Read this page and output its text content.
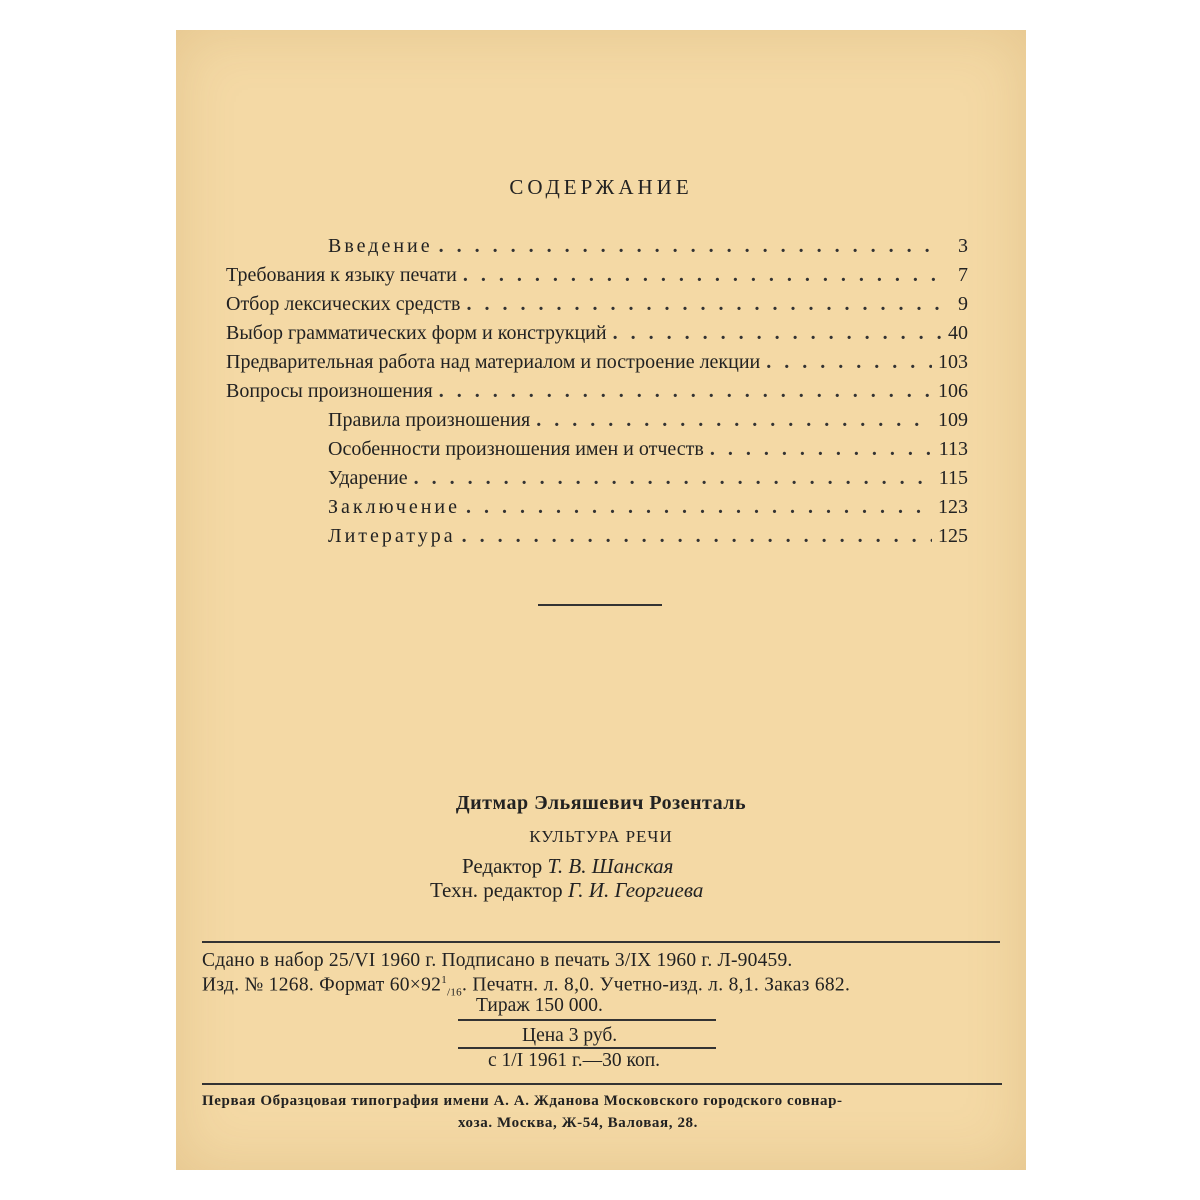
СОДЕРЖАНИЕ
Введение . . .	3
Требования к языку печати . . .	7
Отбор лексических средств . . .	9
Выбор грамматических форм и конструкций . . .	40
Предварительная работа над материалом и построение лекции . . .	103
Вопросы произношения . . .	106
Правила произношения . . .	109
Особенности произношения имен и отчеств . . .	113
Ударение . . .	115
Заключение . . .	123
Литература . . .	125
Дитмар Эльяшевич Розенталь
КУЛЬТУРА РЕЧИ
Редактор Т. В. Шанская
Техн. редактор Г. И. Георгиева
Сдано в набор 25/VI 1960 г. Подписано в печать 3/IX 1960 г. Л-90459.
Изд. № 1268. Формат $60\times 92^1_{/16}$. Печатн. л. 8,0. Учетно-изд. л. 8,1. Заказ 682.
Тираж 150 000.
Цена 3 руб.
с 1/I 1961 г.—30 коп.
Первая Образцовая типография имени А. А. Жданова Московского городского совнар-
хоза. Москва, Ж-54, Валовая, 28.
